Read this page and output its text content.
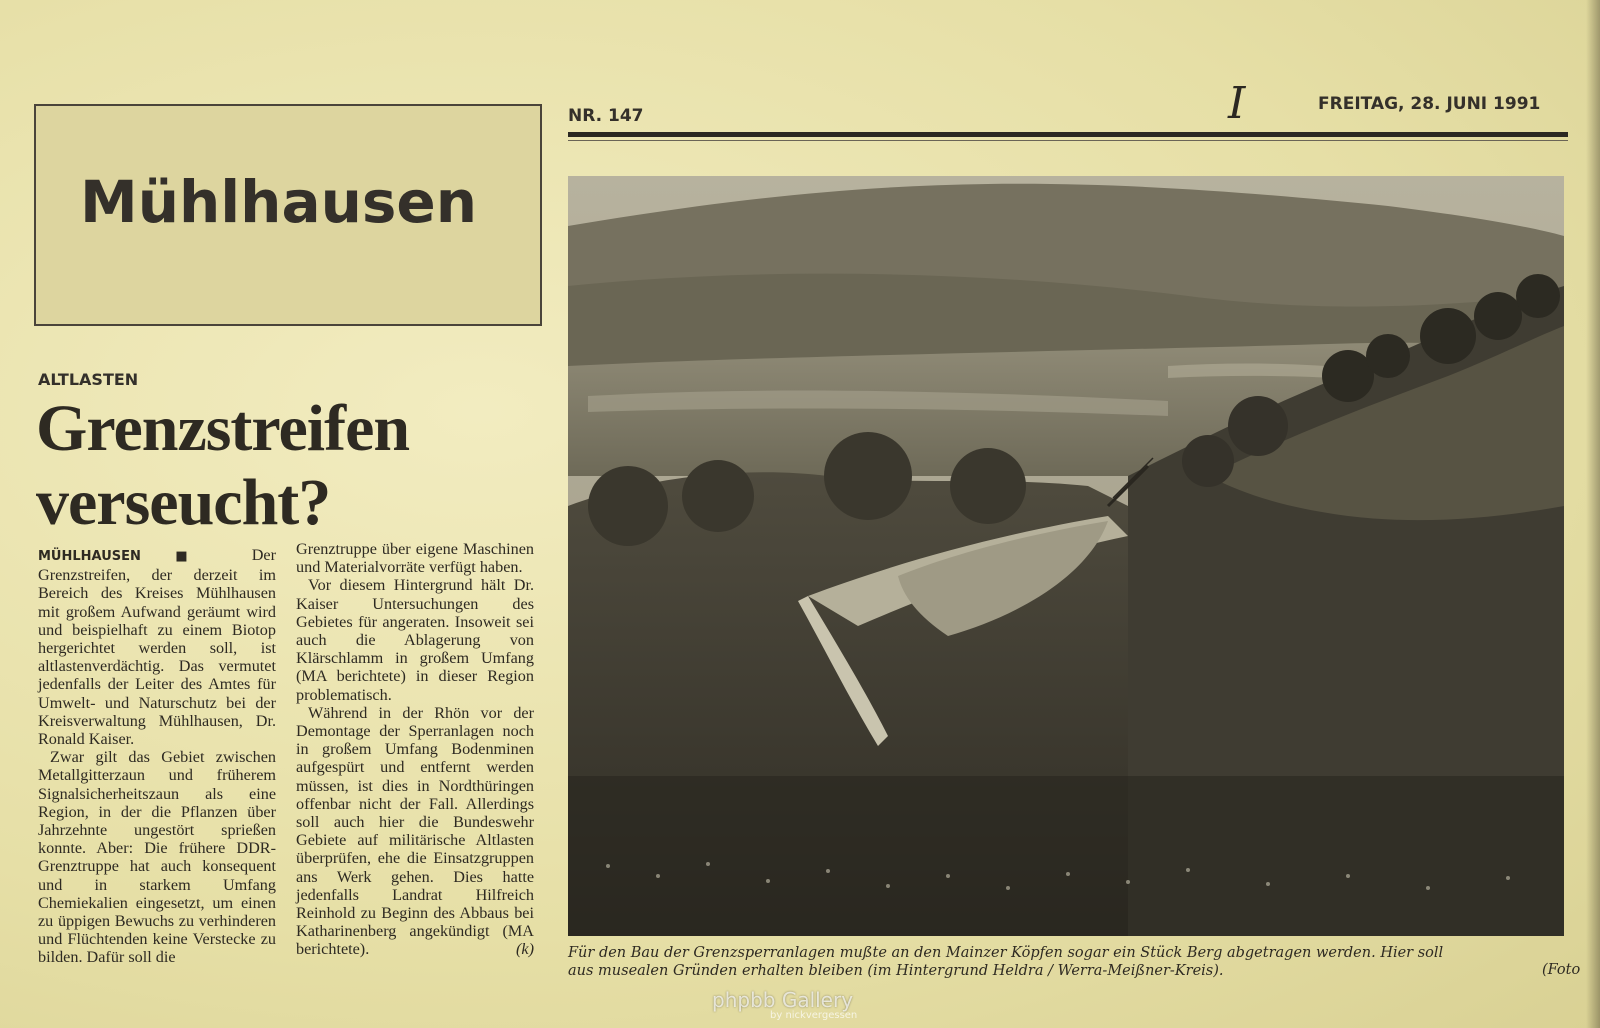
Mühlhausen
NR. 147	I	FREITAG, 28. JUNI 1991
ALTLASTEN
Grenzstreifen verseucht?

MÜHLHAUSEN ■ Der Grenzstreifen, der derzeit im Bereich des Kreises Mühlhausen mit großem Aufwand geräumt wird und beispielhaft zu einem Biotop hergerichtet werden soll, ist altlastenverdächtig. Das vermutet jedenfalls der Leiter des Amtes für Umwelt- und Naturschutz bei der Kreisverwaltung Mühlhausen, Dr. Ronald Kaiser.

Zwar gilt das Gebiet zwischen Metallgitterzaun und früherem Signalsicherheitszaun als eine Region, in der die Pflanzen über Jahrzehnte ungestört sprießen konnte. Aber: Die frühere DDR-Grenztruppe hat auch konsequent und in starkem Umfang Chemiekalien eingesetzt, um einen zu üppigen Bewuchs zu verhinderen und Flüchtenden keine Verstecke zu bilden. Dafür soll die

Grenztruppe über eigene Maschinen und Materialvorräte verfügt haben.

Vor diesem Hintergrund hält Dr. Kaiser Untersuchungen des Gebietes für angeraten. Insoweit sei auch die Ablagerung von Klärschlamm in großem Umfang (MA berichtete) in dieser Region problematisch.

Während in der Rhön vor der Demontage der Sperranlagen noch in großem Umfang Bodenminen aufgespürt und entfernt werden müssen, ist dies in Nordthüringen offenbar nicht der Fall. Allerdings soll auch hier die Bundeswehr Gebiete auf militärische Altlasten überprüfen, ehe die Einsatzgruppen ans Werk gehen. Dies hatte jedenfalls Landrat Hilfreich Reinhold zu Beginn des Abbaus bei Katharinenberg angekündigt (MA berichtete).	(k) Für den Bau der Grenzsperranlagen mußte an den Mainzer Köpfen sogar ein Stück Berg abgetragen werden. Hier soll
aus musealen Gründen erhalten bleiben (im Hintergrund Heldra / Werra-Meißner-Kreis).	(Foto
phpbb Gallery
by nickvergessen
